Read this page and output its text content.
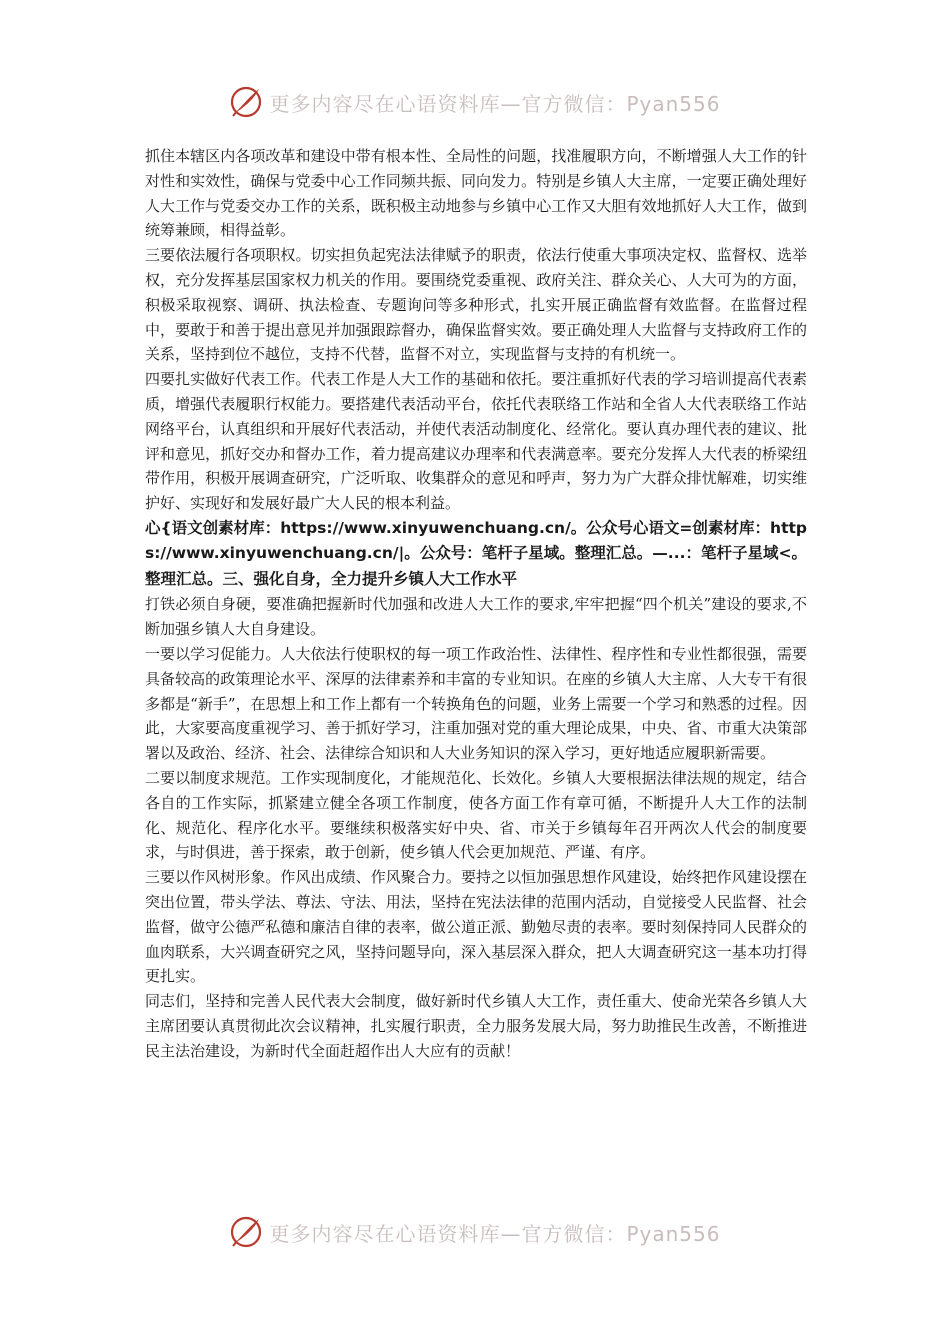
更多内容尽在心语资料库—官方微信：Pyan556

抓住本辖区内各项改革和建设中带有根本性、全局性的问题，找准履职方向，不断增强人大工作的针对性和实效性，确保与党委中心工作同频共振、同向发力。特别是乡镇人大主席，一定要正确处理好人大工作与党委交办工作的关系，既积极主动地参与乡镇中心工作又大胆有效地抓好人大工作，做到统筹兼顾，相得益彰。

三要依法履行各项职权。切实担负起宪法法律赋予的职责，依法行使重大事项决定权、监督权、选举权，充分发挥基层国家权力机关的作用。要围绕党委重视、政府关注、群众关心、人大可为的方面，积极采取视察、调研、执法检查、专题询问等多种形式，扎实开展正确监督有效监督。在监督过程中，要敢于和善于提出意见并加强跟踪督办，确保监督实效。要正确处理人大监督与支持政府工作的关系，坚持到位不越位，支持不代替，监督不对立，实现监督与支持的有机统一。

四要扎实做好代表工作。代表工作是人大工作的基础和依托。要注重抓好代表的学习培训提高代表素质，增强代表履职行权能力。要搭建代表活动平台，依托代表联络工作站和全省人大代表联络工作站网络平台，认真组织和开展好代表活动，并使代表活动制度化、经常化。要认真办理代表的建议、批评和意见，抓好交办和督办工作，着力提高建议办理率和代表满意率。要充分发挥人大代表的桥梁纽带作用，积极开展调查研究，广泛听取、收集群众的意见和呼声，努力为广大群众排忧解难，切实维护好、实现好和发展好最广大人民的根本利益。

心{语文创素材库：https://www.xinyuwenchuang.cn/。公众号心语文=创素材库：https://www.xinyuwenchuang.cn/|。公众号：笔杆子星域。整理汇总。—...：笔杆子星域<。整理汇总。三、强化自身，全力提升乡镇人大工作水平

打铁必须自身硬，要准确把握新时代加强和改进人大工作的要求,牢牢把握“四个机关”建设的要求,不断加强乡镇人大自身建设。

一要以学习促能力。人大依法行使职权的每一项工作政治性、法律性、程序性和专业性都很强，需要具备较高的政策理论水平、深厚的法律素养和丰富的专业知识。在座的乡镇人大主席、人大专干有很多都是“新手”，在思想上和工作上都有一个转换角色的问题，业务上需要一个学习和熟悉的过程。因此，大家要高度重视学习、善于抓好学习，注重加强对党的重大理论成果，中央、省、市重大决策部署以及政治、经济、社会、法律综合知识和人大业务知识的深入学习，更好地适应履职新需要。

二要以制度求规范。工作实现制度化，才能规范化、长效化。乡镇人大要根据法律法规的规定，结合各自的工作实际，抓紧建立健全各项工作制度，使各方面工作有章可循，不断提升人大工作的法制化、规范化、程序化水平。要继续积极落实好中央、省、市关于乡镇每年召开两次人代会的制度要求，与时俱进，善于探索，敢于创新，使乡镇人代会更加规范、严谨、有序。

三要以作风树形象。作风出成绩、作风聚合力。要持之以恒加强思想作风建设，始终把作风建设摆在突出位置，带头学法、尊法、守法、用法，坚持在宪法法律的范围内活动，自觉接受人民监督、社会监督，做守公德严私德和廉洁自律的表率，做公道正派、勤勉尽责的表率。要时刻保持同人民群众的血肉联系，大兴调查研究之风，坚持问题导向，深入基层深入群众，把人大调查研究这一基本功打得更扎实。

同志们，坚持和完善人民代表大会制度，做好新时代乡镇人大工作，责任重大、使命光荣各乡镇人大主席团要认真贯彻此次会议精神，扎实履行职责，全力服务发展大局，努力助推民生改善，不断推进民主法治建设，为新时代全面赶超作出人大应有的贡献！

更多内容尽在心语资料库—官方微信：Pyan556
